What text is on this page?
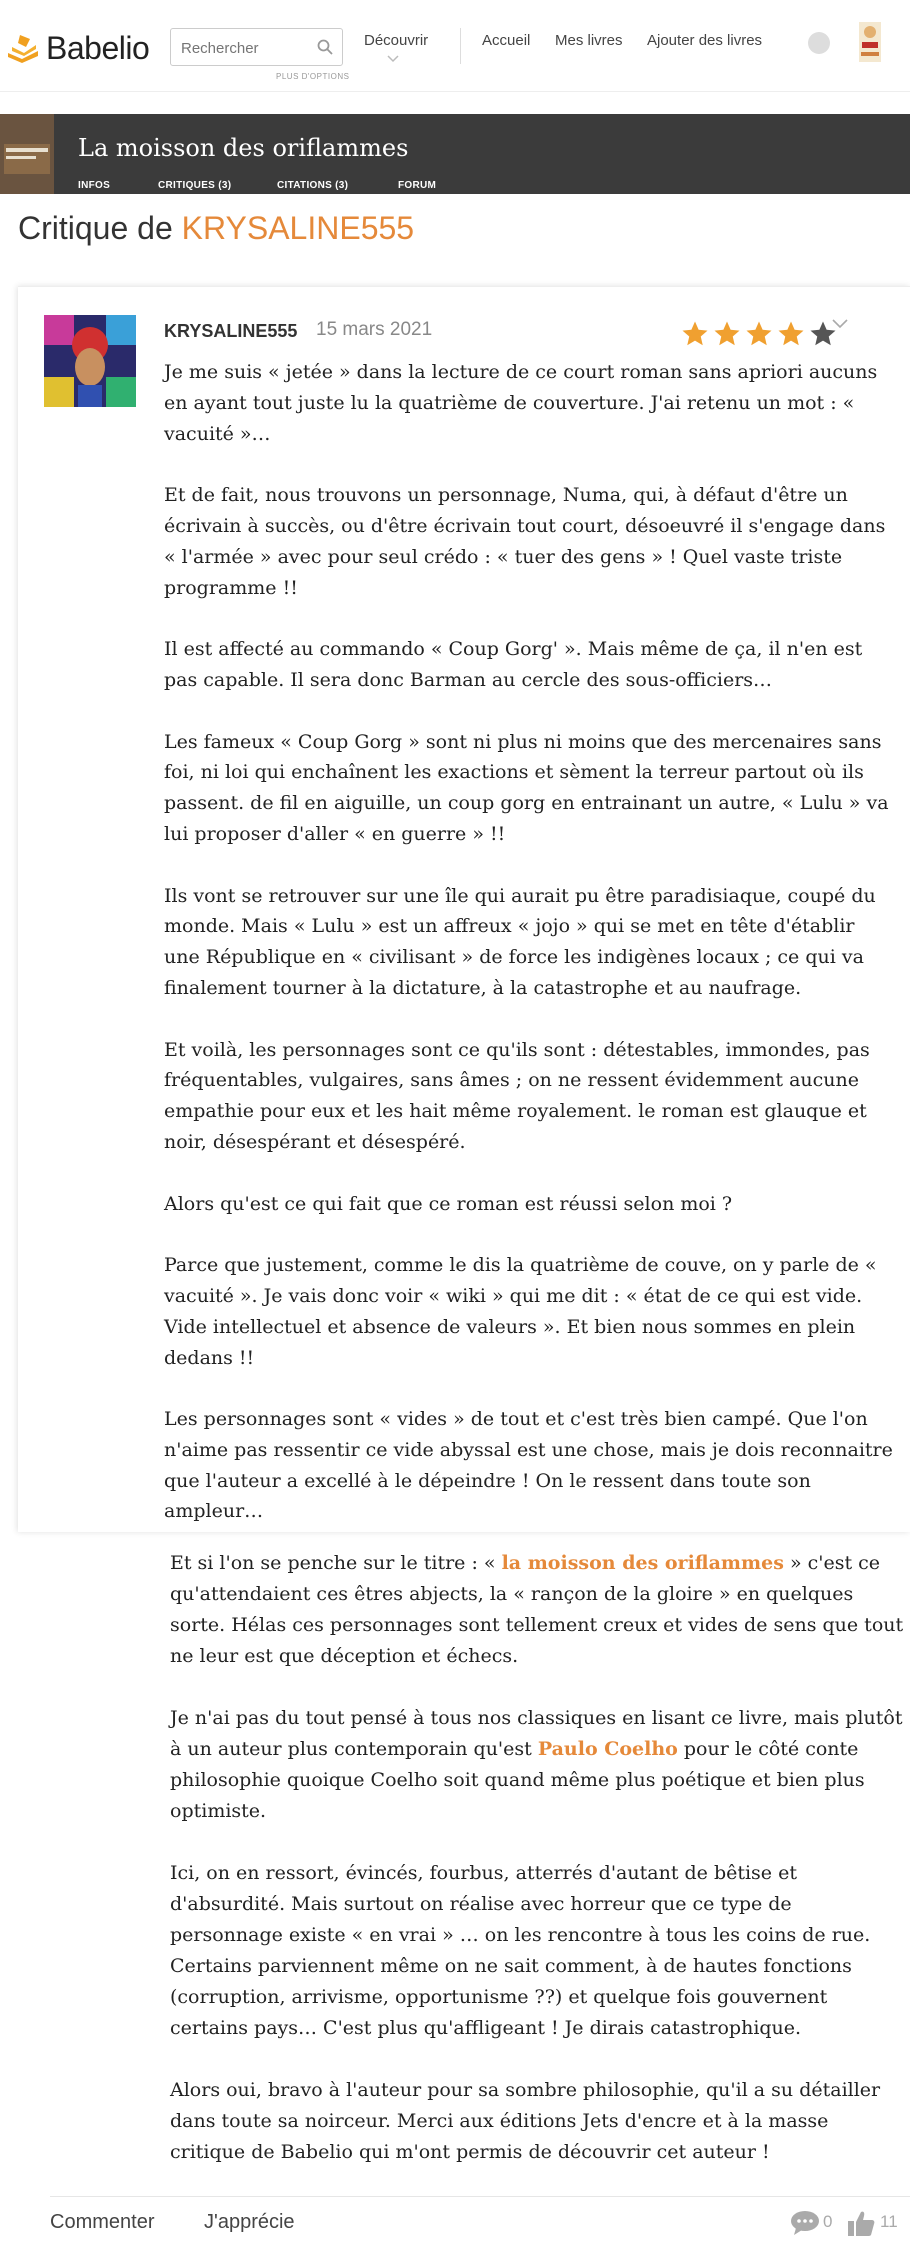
Babelio
Rechercher
PLUS D'OPTIONS
Découvrir	Accueil Mes livres Ajouter des livres
La moisson des oriflammes
INFOS	CRITIQUES (3)	CITATIONS (3)	FORUM
Critique de KRYSALINE555
KRYSALINE555 15 mars 2021

Je me suis « jetée » dans la lecture de ce court roman sans apriori aucuns en ayant tout juste lu la quatrième de couverture. J'ai retenu un mot : « vacuité »…

Et de fait, nous trouvons un personnage, Numa, qui, à défaut d'être un écrivain à succès, ou d'être écrivain tout court, désoeuvré il s'engage dans « l'armée » avec pour seul crédo : « tuer des gens » ! Quel vaste triste programme !!

Il est affecté au commando « Coup Gorg' ». Mais même de ça, il n'en est pas capable. Il sera donc Barman au cercle des sous-officiers…

Les fameux « Coup Gorg » sont ni plus ni moins que des mercenaires sans foi, ni loi qui enchaînent les exactions et sèment la terreur partout où ils passent. de fil en aiguille, un coup gorg en entrainant un autre, « Lulu » va lui proposer d'aller « en guerre » !!

Ils vont se retrouver sur une île qui aurait pu être paradisiaque, coupé du monde. Mais « Lulu » est un affreux « jojo » qui se met en tête d'établir une République en « civilisant » de force les indigènes locaux ; ce qui va finalement tourner à la dictature, à la catastrophe et au naufrage.

Et voilà, les personnages sont ce qu'ils sont : détestables, immondes, pas fréquentables, vulgaires, sans âmes ; on ne ressent évidemment aucune empathie pour eux et les hait même royalement. le roman est glauque et noir, désespérant et désespéré.

Alors qu'est ce qui fait que ce roman est réussi selon moi ?

Parce que justement, comme le dis la quatrième de couve, on y parle de « vacuité ». Je vais donc voir « wiki » qui me dit : « état de ce qui est vide. Vide intellectuel et absence de valeurs ». Et bien nous sommes en plein dedans !!

Les personnages sont « vides » de tout et c'est très bien campé. Que l'on n'aime pas ressentir ce vide abyssal est une chose, mais je dois reconnaitre que l'auteur a excellé à le dépeindre ! On le ressent dans toute son ampleur…

Et si l'on se penche sur le titre : « la moisson des oriflammes » c'est ce qu'attendaient ces êtres abjects, la « rançon de la gloire » en quelques sorte. Hélas ces personnages sont tellement creux et vides de sens que tout ne leur est que déception et échecs.

Je n'ai pas du tout pensé à tous nos classiques en lisant ce livre, mais plutôt à un auteur plus contemporain qu'est Paulo Coelho pour le côté conte philosophie quoique Coelho soit quand même plus poétique et bien plus optimiste.

Ici, on en ressort, évincés, fourbus, atterrés d'autant de bêtise et d'absurdité. Mais surtout on réalise avec horreur que ce type de personnage existe « en vrai » … on les rencontre à tous les coins de rue. Certains parviennent même on ne sait comment, à de hautes fonctions (corruption, arrivisme, opportunisme ??) et quelque fois gouvernent certains pays… C'est plus qu'affligeant ! Je dirais catastrophique.

Alors oui, bravo à l'auteur pour sa sombre philosophie, qu'il a su détailler dans toute sa noirceur. Merci aux éditions Jets d'encre et à la masse critique de Babelio qui m'ont permis de découvrir cet auteur !

Commenter J'apprécie	0	11
